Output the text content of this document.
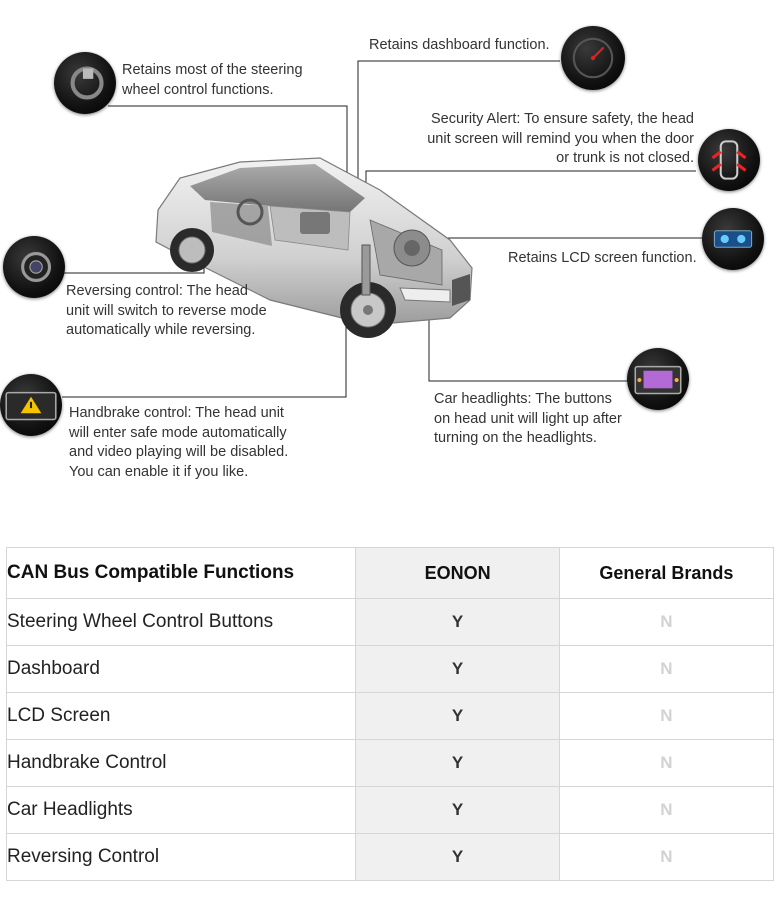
Retains most of the steering
wheel control functions.
Retains dashboard function.
Security Alert: To ensure safety, the head
unit screen will remind you when the door
or trunk is not closed.
Retains LCD screen function.
Reversing control: The head
unit will switch to reverse mode
automatically while reversing.
Car headlights: The buttons
on head unit will light up after
turning on the headlights.
Handbrake control: The head unit
will enter safe mode automatically
and video playing will be disabled.
You can enable it if you like.
CAN Bus Compatible Functions	EONON	General Brands
Steering Wheel Control Buttons	Y	N
Dashboard	Y	N
LCD Screen	Y	N
Handbrake Control	Y	N
Car Headlights	Y	N
Reversing Control	Y	N
